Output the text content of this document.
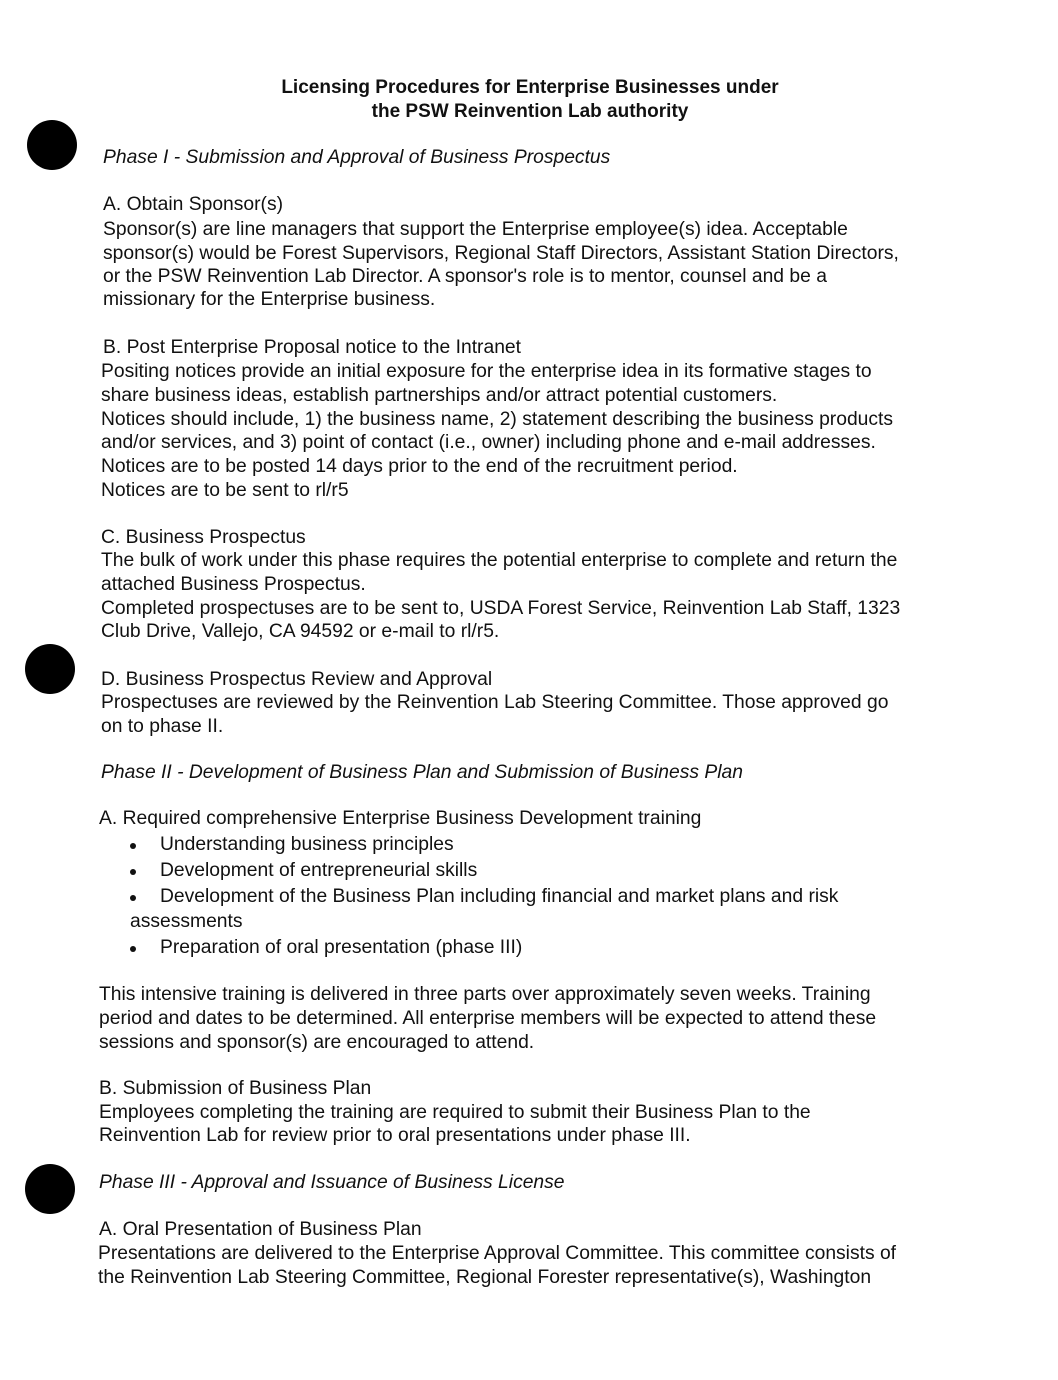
Licensing Procedures for Enterprise Businesses under
the PSW Reinvention Lab authority
Phase I - Submission and Approval of Business Prospectus
A. Obtain Sponsor(s)
Sponsor(s) are line managers that support the Enterprise employee(s) idea. Acceptable
sponsor(s) would be Forest Supervisors, Regional Staff Directors, Assistant Station Directors,
or the PSW Reinvention Lab Director. A sponsor's role is to mentor, counsel and be a
missionary for the Enterprise business.
B. Post Enterprise Proposal notice to the Intranet
Positing notices provide an initial exposure for the enterprise idea in its formative stages to
share business ideas, establish partnerships and/or attract potential customers.
Notices should include, 1) the business name, 2) statement describing the business products
and/or services, and 3) point of contact (i.e., owner) including phone and e-mail addresses.
Notices are to be posted 14 days prior to the end of the recruitment period.
Notices are to be sent to rl/r5
C. Business Prospectus
The bulk of work under this phase requires the potential enterprise to complete and return the
attached Business Prospectus.
Completed prospectuses are to be sent to, USDA Forest Service, Reinvention Lab Staff, 1323
Club Drive, Vallejo, CA 94592 or e-mail to rl/r5.
D. Business Prospectus Review and Approval
Prospectuses are reviewed by the Reinvention Lab Steering Committee. Those approved go
on to phase II.
Phase II - Development of Business Plan and Submission of Business Plan
A. Required comprehensive Enterprise Business Development training
Understanding business principles
Development of entrepreneurial skills
Development of the Business Plan including financial and market plans and risk
assessments
Preparation of oral presentation (phase III)
This intensive training is delivered in three parts over approximately seven weeks. Training
period and dates to be determined. All enterprise members will be expected to attend these
sessions and sponsor(s) are encouraged to attend.
B. Submission of Business Plan
Employees completing the training are required to submit their Business Plan to the
Reinvention Lab for review prior to oral presentations under phase III.
Phase III - Approval and Issuance of Business License
A. Oral Presentation of Business Plan
Presentations are delivered to the Enterprise Approval Committee. This committee consists of
the Reinvention Lab Steering Committee, Regional Forester representative(s), Washington
